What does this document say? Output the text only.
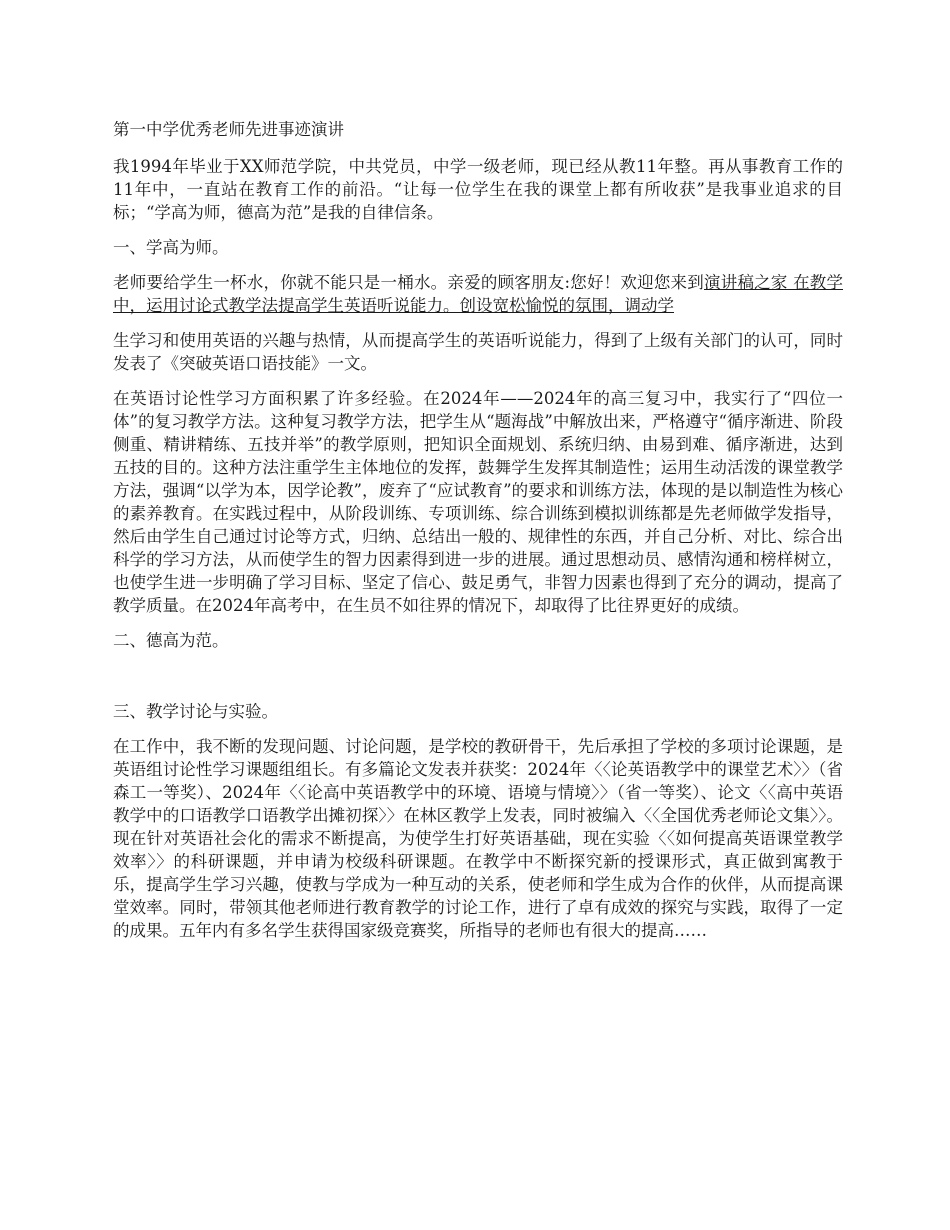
第一中学优秀老师先进事迹演讲

我1994年毕业于XX师范学院，中共党员，中学一级老师，现已经从教11年整。再从事教育工作的11年中，一直站在教育工作的前沿。“让每一位学生在我的课堂上都有所收获”是我事业追求的目标；“学高为师，德高为范”是我的自律信条。

一、学高为师。

老师要给学生一杯水，你就不能只是一桶水。亲爱的顾客朋友:您好！欢迎您来到演讲稿之家 在教学中，运用讨论式教学法提高学生英语听说能力。创设宽松愉悦的氛围，调动学

生学习和使用英语的兴趣与热情，从而提高学生的英语听说能力，得到了上级有关部门的认可，同时发表了《突破英语口语技能》一文。

在英语讨论性学习方面积累了许多经验。在2024年——2024年的高三复习中，我实行了“四位一体”的复习教学方法。这种复习教学方法，把学生从“题海战”中解放出来，严格遵守“循序渐进、阶段侧重、精讲精练、五技并举”的教学原则，把知识全面规划、系统归纳、由易到难、循序渐进，达到五技的目的。这种方法注重学生主体地位的发挥，鼓舞学生发挥其制造性；运用生动活泼的课堂教学方法，强调“以学为本，因学论教”，废弃了“应试教育”的要求和训练方法，体现的是以制造性为核心的素养教育。在实践过程中，从阶段训练、专项训练、综合训练到模拟训练都是先老师做学发指导，然后由学生自己通过讨论等方式，归纳、总结出一般的、规律性的东西，并自己分析、对比、综合出科学的学习方法，从而使学生的智力因素得到进一步的进展。通过思想动员、感情沟通和榜样树立，也使学生进一步明确了学习目标、坚定了信心、鼓足勇气，非智力因素也得到了充分的调动，提高了教学质量。在2024年高考中，在生员不如往界的情况下，却取得了比往界更好的成绩。

二、德高为范。

三、教学讨论与实验。

在工作中，我不断的发现问题、讨论问题，是学校的教研骨干，先后承担了学校的多项讨论课题，是英语组讨论性学习课题组组长。有多篇论文发表并获奖：2024年〈〈论英语教学中的课堂艺术〉〉（省森工一等奖）、2024年〈〈论高中英语教学中的环境、语境与情境〉〉（省一等奖）、论文〈〈高中英语教学中的口语教学口语教学出摊初探〉〉在林区教学上发表，同时被编入〈〈全国优秀老师论文集〉〉。现在针对英语社会化的需求不断提高，为使学生打好英语基础，现在实验〈〈如何提高英语课堂教学效率〉〉的科研课题，并申请为校级科研课题。在教学中不断探究新的授课形式，真正做到寓教于乐，提高学生学习兴趣，使教与学成为一种互动的关系，使老师和学生成为合作的伙伴，从而提高课堂效率。同时，带领其他老师进行教育教学的讨论工作，进行了卓有成效的探究与实践，取得了一定的成果。五年内有多名学生获得国家级竞赛奖，所指导的老师也有很大的提高……
